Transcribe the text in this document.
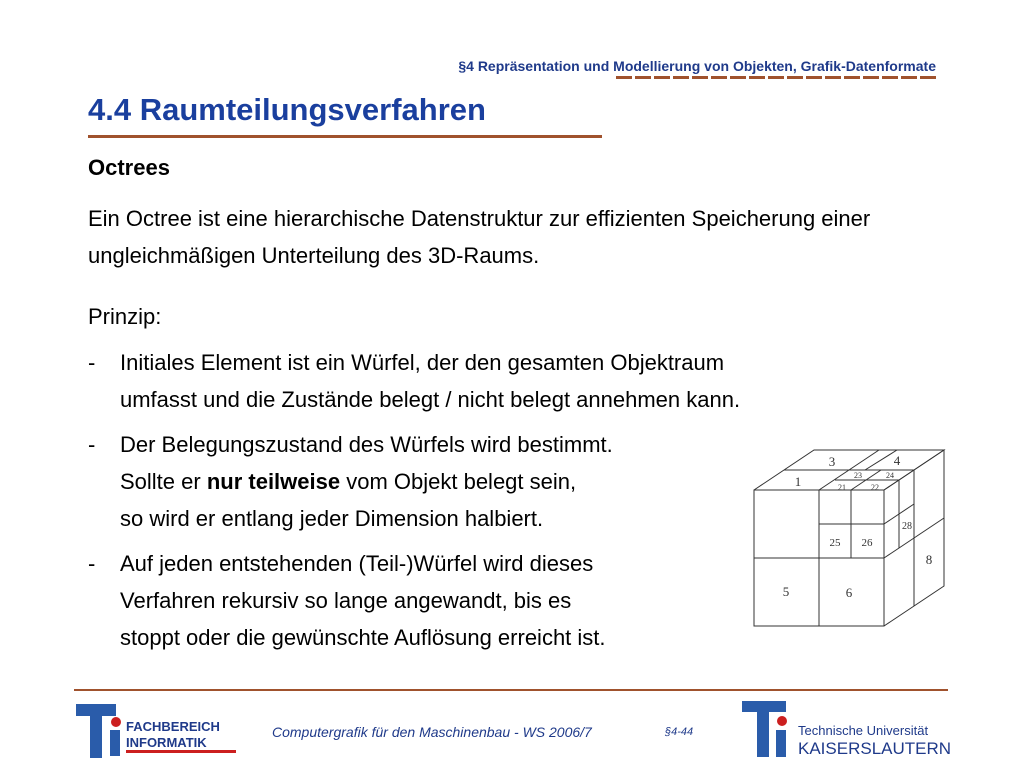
§4 Repräsentation und Modellierung von Objekten, Grafik-Datenformate
4.4 Raumteilungsverfahren
Octrees
Ein Octree ist eine hierarchische Datenstruktur zur effizienten Speicherung einer ungleichmäßigen Unterteilung des 3D-Raums.
Prinzip:
-	Initiales Element ist ein Würfel, der den gesamten Objektraum
umfasst und die Zustände belegt / nicht belegt annehmen kann.
-	Der Belegungszustand des Würfels wird bestimmt.
Sollte er nur teilweise vom Objekt belegt sein,
so wird er entlang jeder Dimension halbiert.
-	Auf jeden entstehenden (Teil-)Würfel wird dieses
Verfahren rekursiv so lange angewandt, bis es
stoppt oder die gewünschte Auflösung erreicht ist.
1
3	4
21	22
23	24
25 26
28
5	6
8
FACHBEREICH
INFORMATIK
Computergrafik für den Maschinenbau - WS 2006/7	§4-44	Technische Universität
KAISERSLAUTERN
